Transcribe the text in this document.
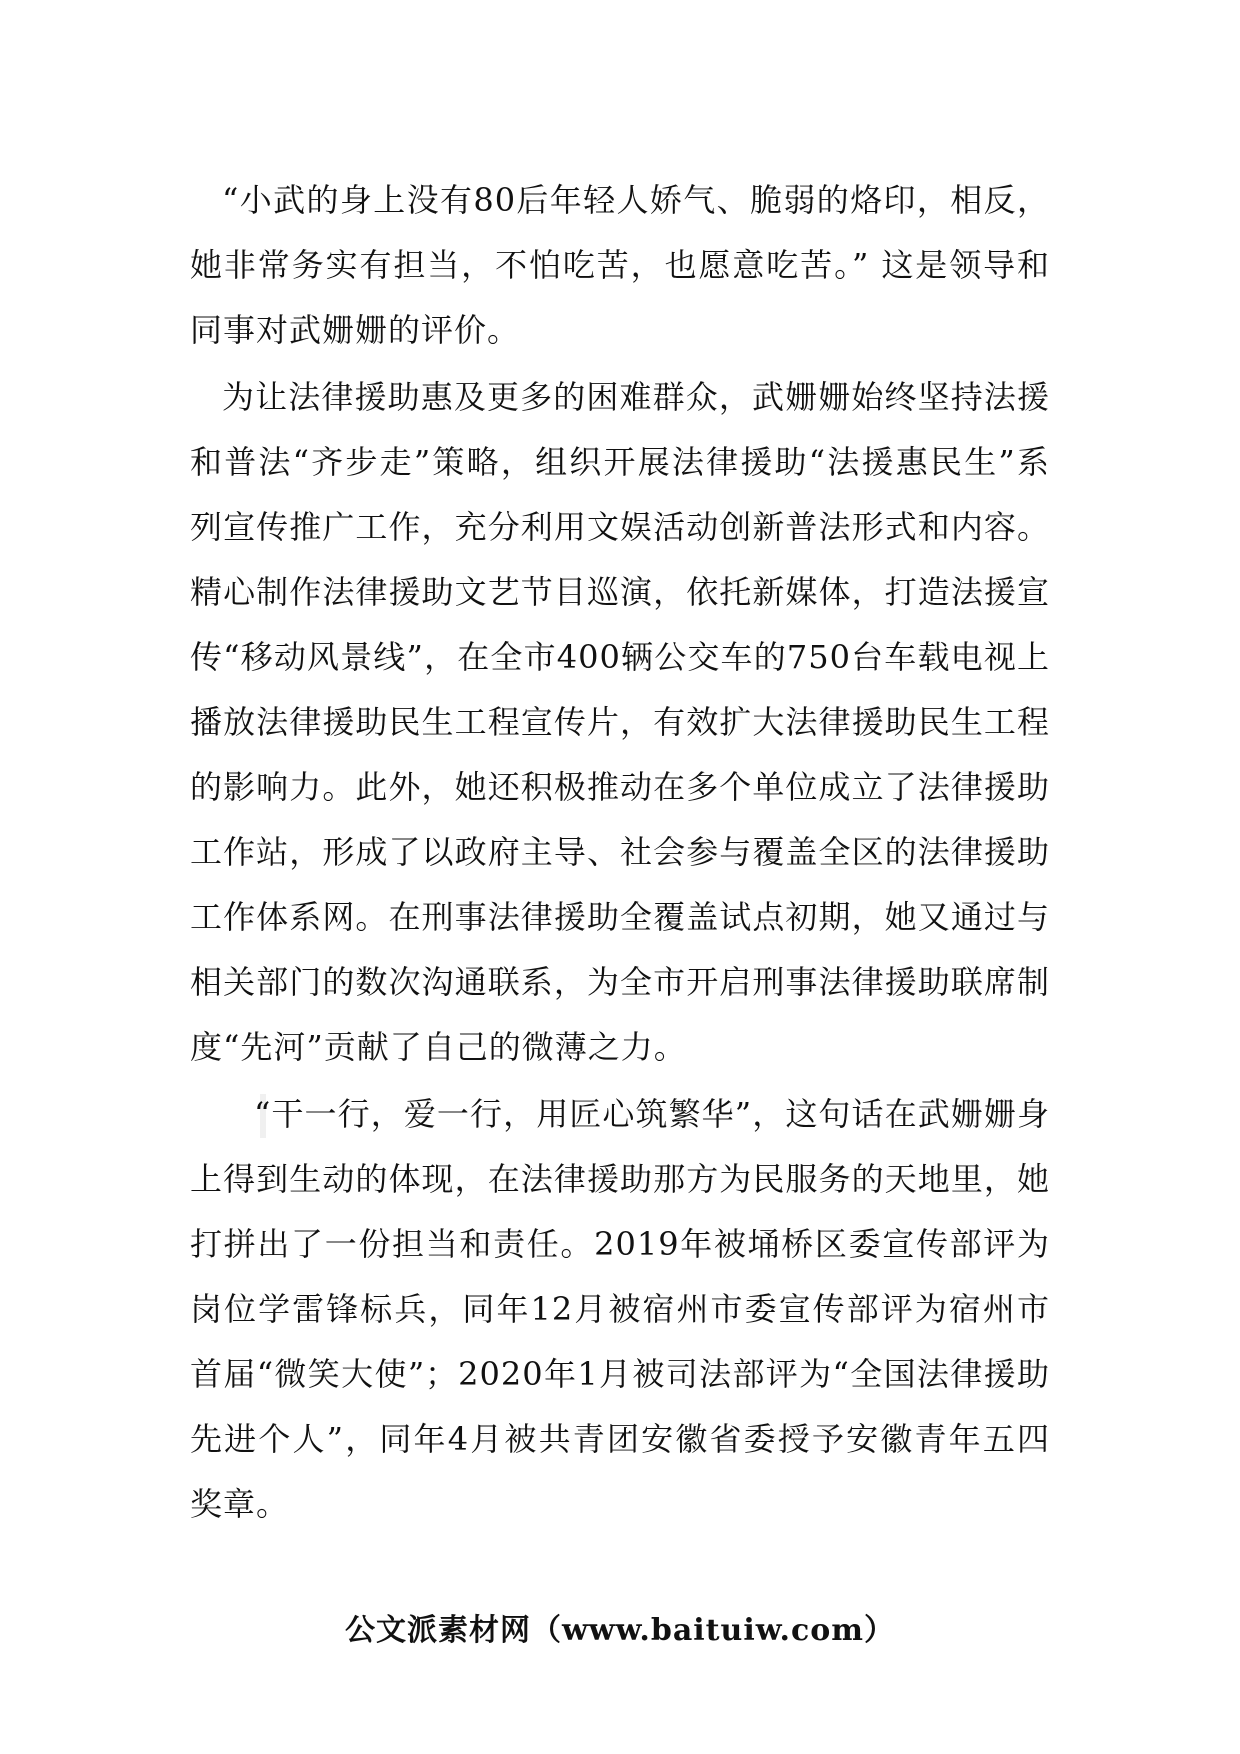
“小武的身上没有80后年轻人娇气、脆弱的烙印，相反，她非常务实有担当，不怕吃苦，也愿意吃苦。” 这是领导和同事对武姗姗的评价。

为让法律援助惠及更多的困难群众，武姗姗始终坚持法援和普法“齐步走”策略，组织开展法律援助“法援惠民生”系列宣传推广工作，充分利用文娱活动创新普法形式和内容。精心制作法律援助文艺节目巡演，依托新媒体，打造法援宣传“移动风景线”，在全市400辆公交车的750台车载电视上播放法律援助民生工程宣传片，有效扩大法律援助民生工程的影响力。此外，她还积极推动在多个单位成立了法律援助工作站，形成了以政府主导、社会参与覆盖全区的法律援助工作体系网。在刑事法律援助全覆盖试点初期，她又通过与相关部门的数次沟通联系，为全市开启刑事法律援助联席制度“先河”贡献了自己的微薄之力。

“干一行，爱一行，用匠心筑繁华”，这句话在武姗姗身上得到生动的体现，在法律援助那方为民服务的天地里，她打拼出了一份担当和责任。2019年被埇桥区委宣传部评为岗位学雷锋标兵，同年12月被宿州市委宣传部评为宿州市首届“微笑大使”；2020年1月被司法部评为“全国法律援助先进个人”，同年4月被共青团安徽省委授予安徽青年五四奖章。

公文派素材网（www.baituiw.com）
